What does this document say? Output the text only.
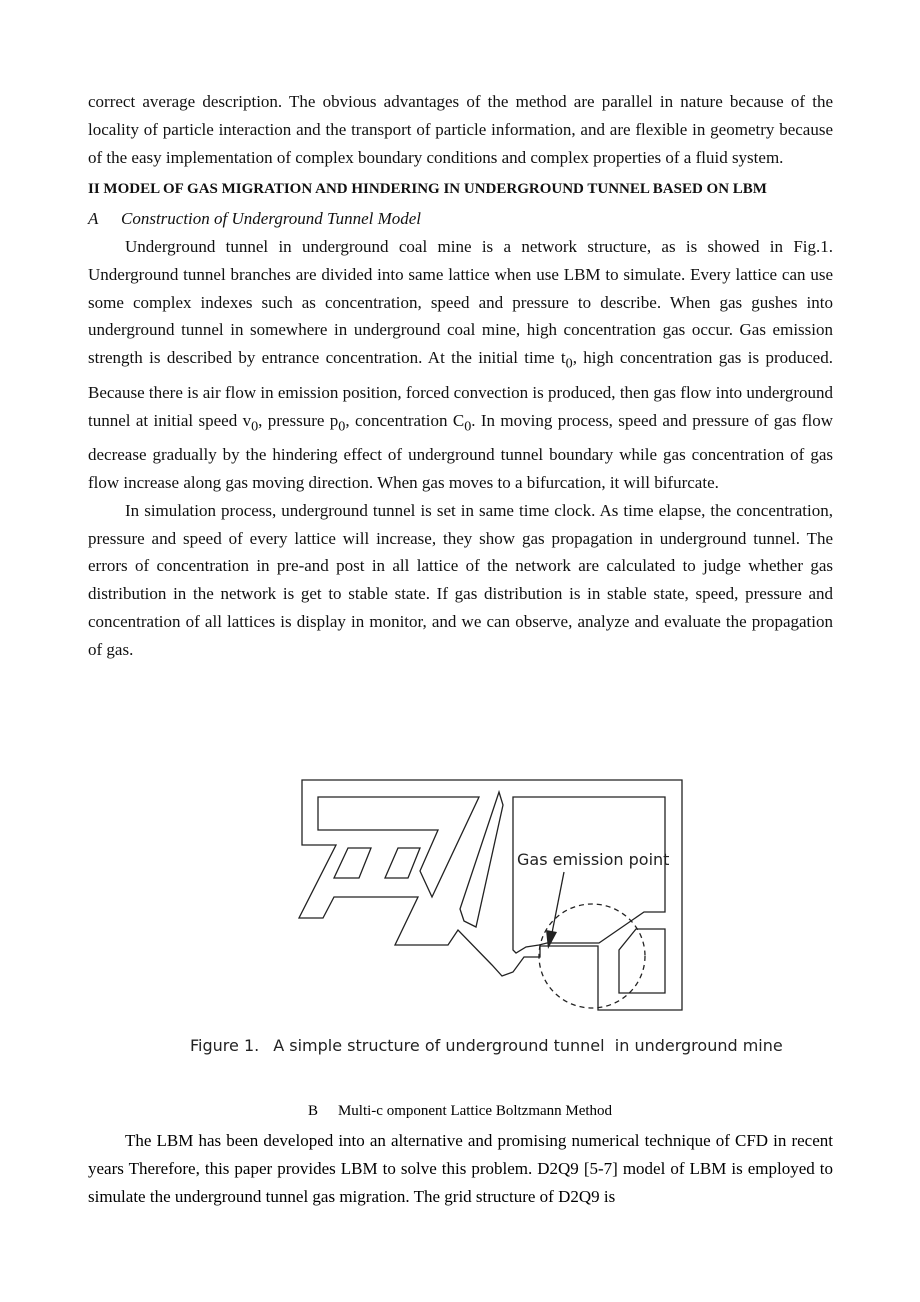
correct average description. The obvious advantages of the method are parallel in nature because of the locality of particle interaction and the transport of particle information, and are flexible in geometry because of the easy implementation of complex boundary conditions and complex properties of a fluid system.

II MODEL OF GAS MIGRATION AND HINDERING IN UNDERGROUND TUNNEL BASED ON LBM

A Construction of Underground Tunnel Model

Underground tunnel in underground coal mine is a network structure, as is showed in Fig.1. Underground tunnel branches are divided into same lattice when use LBM to simulate. Every lattice can use some complex indexes such as concentration, speed and pressure to describe. When gas gushes into underground tunnel in somewhere in underground coal mine, high concentration gas occur. Gas emission strength is described by entrance concentration. At the initial time $t_0$, high concentration gas is produced. Because there is air flow in emission position, forced convection is produced, then gas flow into underground tunnel at initial speed $v_0$, pressure $p_0$, concentration $C_0$. In moving process, speed and pressure of gas flow decrease gradually by the hindering effect of underground tunnel boundary while gas concentration of gas flow increase along gas moving direction. When gas moves to a bifurcation, it will bifurcate.

In simulation process, underground tunnel is set in same time clock. As time elapse, the concentration, pressure and speed of every lattice will increase, they show gas propagation in underground tunnel. The errors of concentration in pre-and post in all lattice of the network are calculated to judge whether gas distribution in the network is get to stable state. If gas distribution is in stable state, speed, pressure and concentration of all lattices is display in monitor, and we can observe, analyze and evaluate the propagation of gas.

Gas emission point
Figure 1. A simple structure of underground tunnel  in underground mine
B Multi-c omponent Lattice Boltzmann Method

The LBM has been developed into an alternative and promising numerical technique of CFD in recent years Therefore, this paper provides LBM to solve this problem. D2Q9 [5-7] model of LBM is employed to simulate the underground tunnel gas migration. The grid structure of D2Q9 is
